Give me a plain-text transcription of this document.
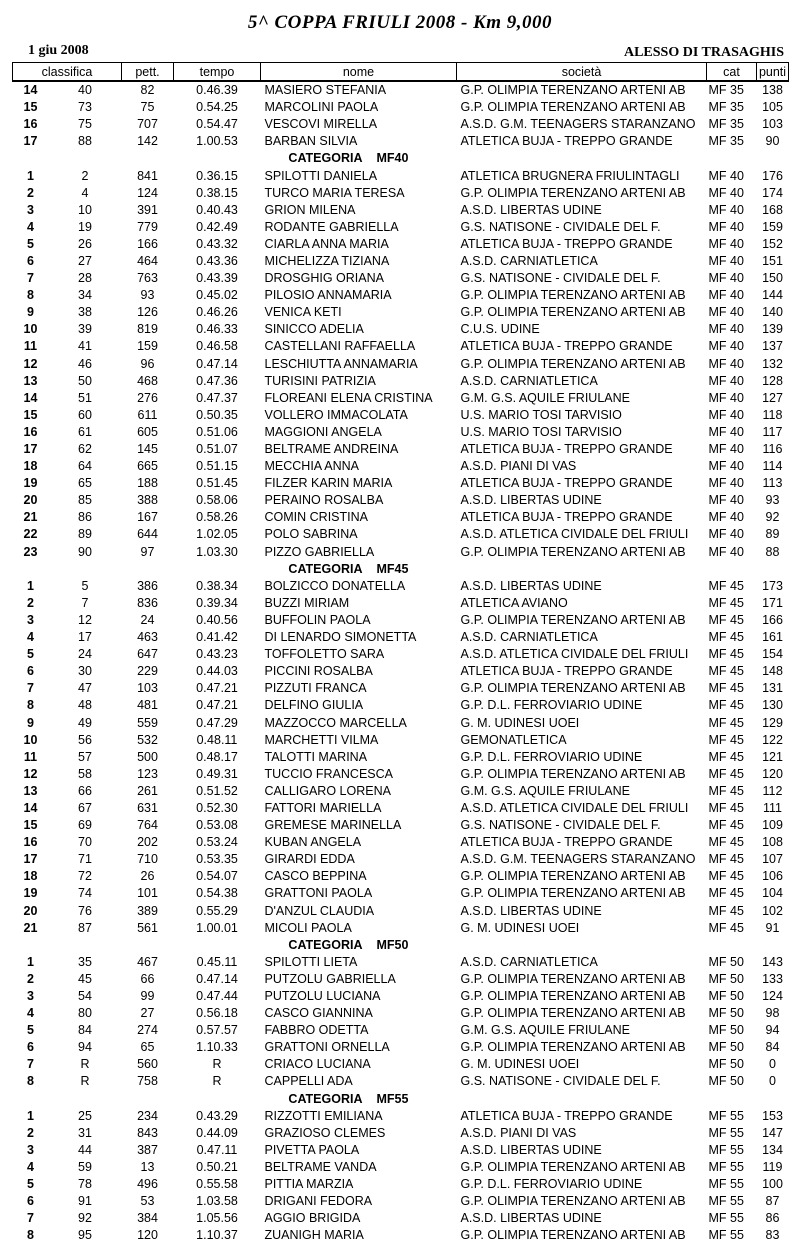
5^ COPPA FRIULI 2008 - Km 9,000
1 giu 2008	ALESSO DI TRASAGHIS
classifica		pett.	tempo	nome	società	cat	punti
14	40	82	0.46.39	MASIERO STEFANIA	G.P. OLIMPIA TERENZANO ARTENI AB	MF 35	138
15	73	75	0.54.25	MARCOLINI PAOLA	G.P. OLIMPIA TERENZANO ARTENI AB	MF 35	105
16	75	707	0.54.47	VESCOVI MIRELLA	A.S.D. G.M. TEENAGERS STARANZANO	MF 35	103
17	88	142	1.00.53	BARBAN SILVIA	ATLETICA BUJA - TREPPO GRANDE	MF 35	90
CATEGORIA MF40							
1	2	841	0.36.15	SPILOTTI DANIELA	ATLETICA BRUGNERA FRIULINTAGLI	MF 40	176
2	4	124	0.38.15	TURCO MARIA TERESA	G.P. OLIMPIA TERENZANO ARTENI AB	MF 40	174
3	10	391	0.40.43	GRION MILENA	A.S.D. LIBERTAS UDINE	MF 40	168
4	19	779	0.42.49	RODANTE GABRIELLA	G.S. NATISONE - CIVIDALE DEL F.	MF 40	159
5	26	166	0.43.32	CIARLA ANNA MARIA	ATLETICA BUJA - TREPPO GRANDE	MF 40	152
6	27	464	0.43.36	MICHELIZZA TIZIANA	A.S.D. CARNIATLETICA	MF 40	151
7	28	763	0.43.39	DROSGHIG ORIANA	G.S. NATISONE - CIVIDALE DEL F.	MF 40	150
8	34	93	0.45.02	PILOSIO ANNAMARIA	G.P. OLIMPIA TERENZANO ARTENI AB	MF 40	144
9	38	126	0.46.26	VENICA KETI	G.P. OLIMPIA TERENZANO ARTENI AB	MF 40	140
10	39	819	0.46.33	SINICCO ADELIA	C.U.S. UDINE	MF 40	139
11	41	159	0.46.58	CASTELLANI RAFFAELLA	ATLETICA BUJA - TREPPO GRANDE	MF 40	137
12	46	96	0.47.14	LESCHIUTTA ANNAMARIA	G.P. OLIMPIA TERENZANO ARTENI AB	MF 40	132
13	50	468	0.47.36	TURISINI PATRIZIA	A.S.D. CARNIATLETICA	MF 40	128
14	51	276	0.47.37	FLOREANI ELENA CRISTINA	G.M. G.S. AQUILE FRIULANE	MF 40	127
15	60	611	0.50.35	VOLLERO IMMACOLATA	U.S. MARIO TOSI TARVISIO	MF 40	118
16	61	605	0.51.06	MAGGIONI ANGELA	U.S. MARIO TOSI TARVISIO	MF 40	117
17	62	145	0.51.07	BELTRAME ANDREINA	ATLETICA BUJA - TREPPO GRANDE	MF 40	116
18	64	665	0.51.15	MECCHIA ANNA	A.S.D. PIANI DI VAS	MF 40	114
19	65	188	0.51.45	FILZER KARIN MARIA	ATLETICA BUJA - TREPPO GRANDE	MF 40	113
20	85	388	0.58.06	PERAINO ROSALBA	A.S.D. LIBERTAS UDINE	MF 40	93
21	86	167	0.58.26	COMIN CRISTINA	ATLETICA BUJA - TREPPO GRANDE	MF 40	92
22	89	644	1.02.05	POLO SABRINA	A.S.D. ATLETICA CIVIDALE DEL FRIULI	MF 40	89
23	90	97	1.03.30	PIZZO GABRIELLA	G.P. OLIMPIA TERENZANO ARTENI AB	MF 40	88
CATEGORIA MF45							
1	5	386	0.38.34	BOLZICCO DONATELLA	A.S.D. LIBERTAS UDINE	MF 45	173
2	7	836	0.39.34	BUZZI MIRIAM	ATLETICA AVIANO	MF 45	171
3	12	24	0.40.56	BUFFOLIN PAOLA	G.P. OLIMPIA TERENZANO ARTENI AB	MF 45	166
4	17	463	0.41.42	DI LENARDO SIMONETTA	A.S.D. CARNIATLETICA	MF 45	161
5	24	647	0.43.23	TOFFOLETTO SARA	A.S.D. ATLETICA CIVIDALE DEL FRIULI	MF 45	154
6	30	229	0.44.03	PICCINI ROSALBA	ATLETICA BUJA - TREPPO GRANDE	MF 45	148
7	47	103	0.47.21	PIZZUTI FRANCA	G.P. OLIMPIA TERENZANO ARTENI AB	MF 45	131
8	48	481	0.47.21	DELFINO GIULIA	G.P. D.L. FERROVIARIO UDINE	MF 45	130
9	49	559	0.47.29	MAZZOCCO MARCELLA	G. M. UDINESI UOEI	MF 45	129
10	56	532	0.48.11	MARCHETTI VILMA	GEMONATLETICA	MF 45	122
11	57	500	0.48.17	TALOTTI MARINA	G.P. D.L. FERROVIARIO UDINE	MF 45	121
12	58	123	0.49.31	TUCCIO FRANCESCA	G.P. OLIMPIA TERENZANO ARTENI AB	MF 45	120
13	66	261	0.51.52	CALLIGARO LORENA	G.M. G.S. AQUILE FRIULANE	MF 45	112
14	67	631	0.52.30	FATTORI MARIELLA	A.S.D. ATLETICA CIVIDALE DEL FRIULI	MF 45	111
15	69	764	0.53.08	GREMESE MARINELLA	G.S. NATISONE - CIVIDALE DEL F.	MF 45	109
16	70	202	0.53.24	KUBAN ANGELA	ATLETICA BUJA - TREPPO GRANDE	MF 45	108
17	71	710	0.53.35	GIRARDI EDDA	A.S.D. G.M. TEENAGERS STARANZANO	MF 45	107
18	72	26	0.54.07	CASCO BEPPINA	G.P. OLIMPIA TERENZANO ARTENI AB	MF 45	106
19	74	101	0.54.38	GRATTONI PAOLA	G.P. OLIMPIA TERENZANO ARTENI AB	MF 45	104
20	76	389	0.55.29	D'ANZUL CLAUDIA	A.S.D. LIBERTAS UDINE	MF 45	102
21	87	561	1.00.01	MICOLI PAOLA	G. M. UDINESI UOEI	MF 45	91
CATEGORIA MF50							
1	35	467	0.45.11	SPILOTTI LIETA	A.S.D. CARNIATLETICA	MF 50	143
2	45	66	0.47.14	PUTZOLU GABRIELLA	G.P. OLIMPIA TERENZANO ARTENI AB	MF 50	133
3	54	99	0.47.44	PUTZOLU LUCIANA	G.P. OLIMPIA TERENZANO ARTENI AB	MF 50	124
4	80	27	0.56.18	CASCO GIANNINA	G.P. OLIMPIA TERENZANO ARTENI AB	MF 50	98
5	84	274	0.57.57	FABBRO ODETTA	G.M. G.S. AQUILE FRIULANE	MF 50	94
6	94	65	1.10.33	GRATTONI ORNELLA	G.P. OLIMPIA TERENZANO ARTENI AB	MF 50	84
7	R	560	R	CRIACO LUCIANA	G. M. UDINESI UOEI	MF 50	0
8	R	758	R	CAPPELLI ADA	G.S. NATISONE - CIVIDALE DEL F.	MF 50	0
CATEGORIA MF55							
1	25	234	0.43.29	RIZZOTTI EMILIANA	ATLETICA BUJA - TREPPO GRANDE	MF 55	153
2	31	843	0.44.09	GRAZIOSO CLEMES	A.S.D. PIANI DI VAS	MF 55	147
3	44	387	0.47.11	PIVETTA PAOLA	A.S.D. LIBERTAS UDINE	MF 55	134
4	59	13	0.50.21	BELTRAME VANDA	G.P. OLIMPIA TERENZANO ARTENI AB	MF 55	119
5	78	496	0.55.58	PITTIA MARZIA	G.P. D.L. FERROVIARIO UDINE	MF 55	100
6	91	53	1.03.58	DRIGANI FEDORA	G.P. OLIMPIA TERENZANO ARTENI AB	MF 55	87
7	92	384	1.05.56	AGGIO BRIGIDA	A.S.D. LIBERTAS UDINE	MF 55	86
8	95	120	1.10.37	ZUANIGH MARIA	G.P. OLIMPIA TERENZANO ARTENI AB	MF 55	83
